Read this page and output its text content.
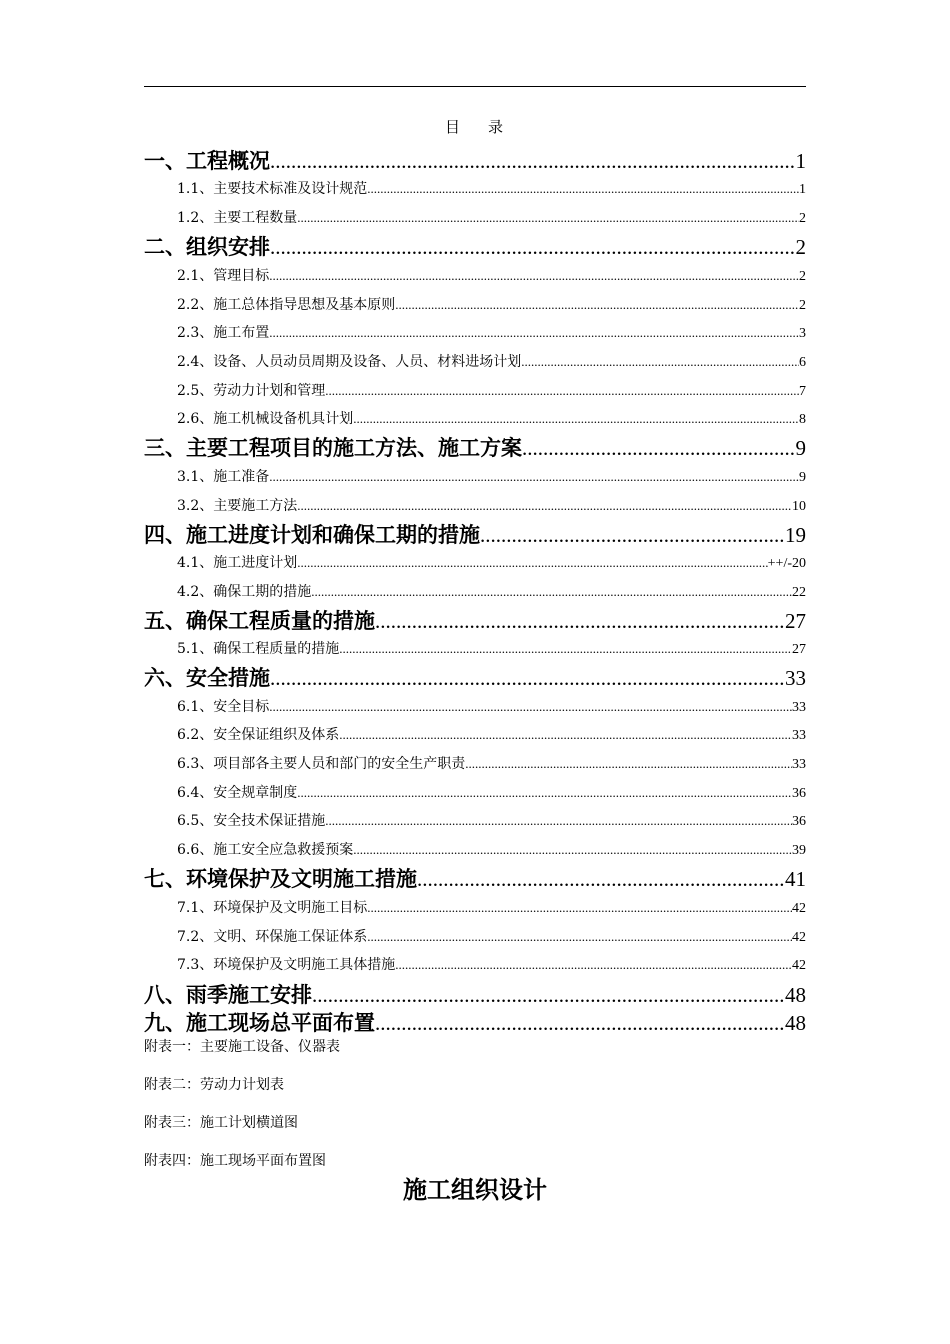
目 录
一、工程概况 .....	1
1.1、主要技术标准及设计规范 .....	1
1.2、主要工程数量 .....	2
二、组织安排 .....	2
2.1、管理目标 .....	2
2.2、施工总体指导思想及基本原则 .....	2
2.3、施工布置 .....	3
2.4、设备、人员动员周期及设备、人员、材料进场计划 .....	6
2.5、劳动力计划和管理 .....	7
2.6、施工机械设备机具计划 .....	8
三、主要工程项目的施工方法、施工方案 .....	9
3.1、施工准备 .....	9
3.2、主要施工方法 .....	10
四、施工进度计划和确保工期的措施 .....	19
4.1、施工进度计划 .....	++/-20
4.2、确保工期的措施 .....	22
五、确保工程质量的措施 .....	27
5.1、确保工程质量的措施 .....	27
六、安全措施 .....	33
6.1、安全目标 .....	33
6.2、安全保证组织及体系 .....	33
6.3、项目部各主要人员和部门的安全生产职责 .....	33
6.4、安全规章制度 .....	36
6.5、安全技术保证措施 .....	36
6.6、施工安全应急救援预案 .....	39
七、环境保护及文明施工措施 .....	41
7.1、环境保护及文明施工目标 .....	42
7.2、文明、环保施工保证体系 .....	42
7.3、环境保护及文明施工具体措施 .....	42
八、雨季施工安排 .....	48
九、施工现场总平面布置 .....	48
附表一：主要施工设备、仪器表
附表二：劳动力计划表
附表三：施工计划横道图
附表四：施工现场平面布置图
施工组织设计
